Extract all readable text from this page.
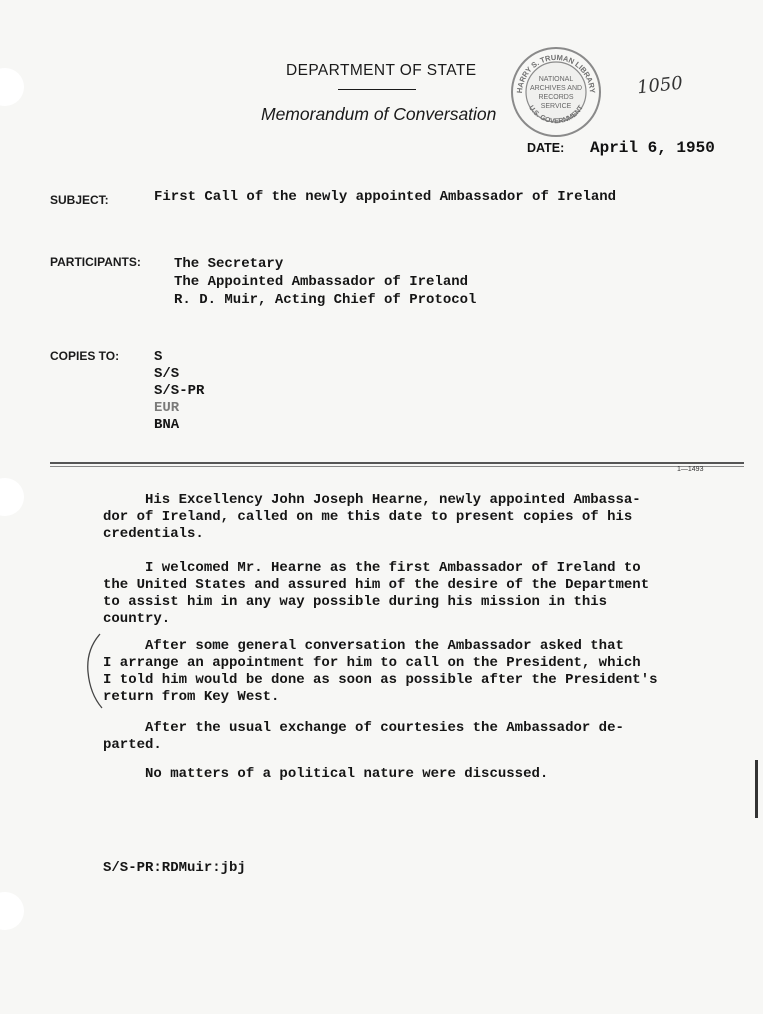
DEPARTMENT OF STATE
Memorandum of Conversation
HARRY S. TRUMAN LIBRARY
U.S. GOVERNMENT
NATIONAL
ARCHIVES AND
RECORDS
SERVICE
1050
DATE: April 6, 1950
SUBJECT:	First Call of the newly appointed Ambassador of Ireland
PARTICIPANTS: The Secretary
The Appointed Ambassador of Ireland
R. D. Muir, Acting Chief of Protocol
COPIES TO: S
S/S
S/S-PR
EUR
BNA
1—1493
His Excellency John Joseph Hearne, newly appointed Ambassa-
dor of Ireland, called on me this date to present copies of his
credentials.
I welcomed Mr. Hearne as the first Ambassador of Ireland to
the United States and assured him of the desire of the Department
to assist him in any way possible during his mission in this
country.
After some general conversation the Ambassador asked that
I arrange an appointment for him to call on the President, which
I told him would be done as soon as possible after the President's
return from Key West.
After the usual exchange of courtesies the Ambassador de-
parted.
No matters of a political nature were discussed.
S/S-PR:RDMuir:jbj
